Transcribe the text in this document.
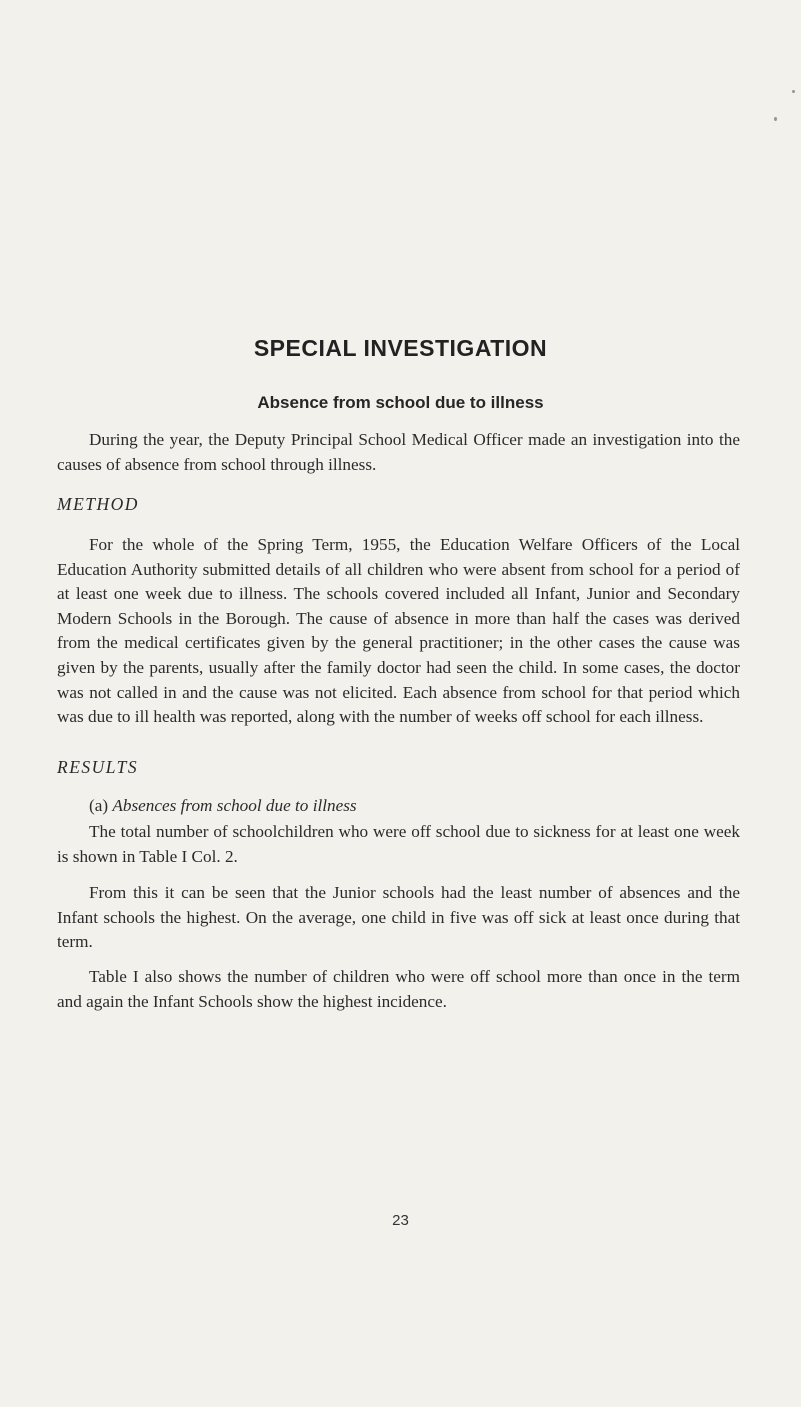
SPECIAL INVESTIGATION
Absence from school due to illness

During the year, the Deputy Principal School Medical Officer made an investigation into the causes of absence from school through illness.

METHOD

For the whole of the Spring Term, 1955, the Education Welfare Officers of the Local Education Authority submitted details of all children who were absent from school for a period of at least one week due to illness. The schools covered included all Infant, Junior and Secondary Modern Schools in the Borough. The cause of absence in more than half the cases was derived from the medical certificates given by the general practitioner; in the other cases the cause was given by the parents, usually after the family doctor had seen the child. In some cases, the doctor was not called in and the cause was not elicited. Each absence from school for that period which was due to ill health was reported, along with the number of weeks off school for each illness.

RESULTS
(a) Absences from school due to illness

The total number of schoolchildren who were off school due to sickness for at least one week is shown in Table I Col. 2.

From this it can be seen that the Junior schools had the least number of absences and the Infant schools the highest. On the average, one child in five was off sick at least once during that term.

Table I also shows the number of children who were off school more than once in the term and again the Infant Schools show the highest incidence.

23
